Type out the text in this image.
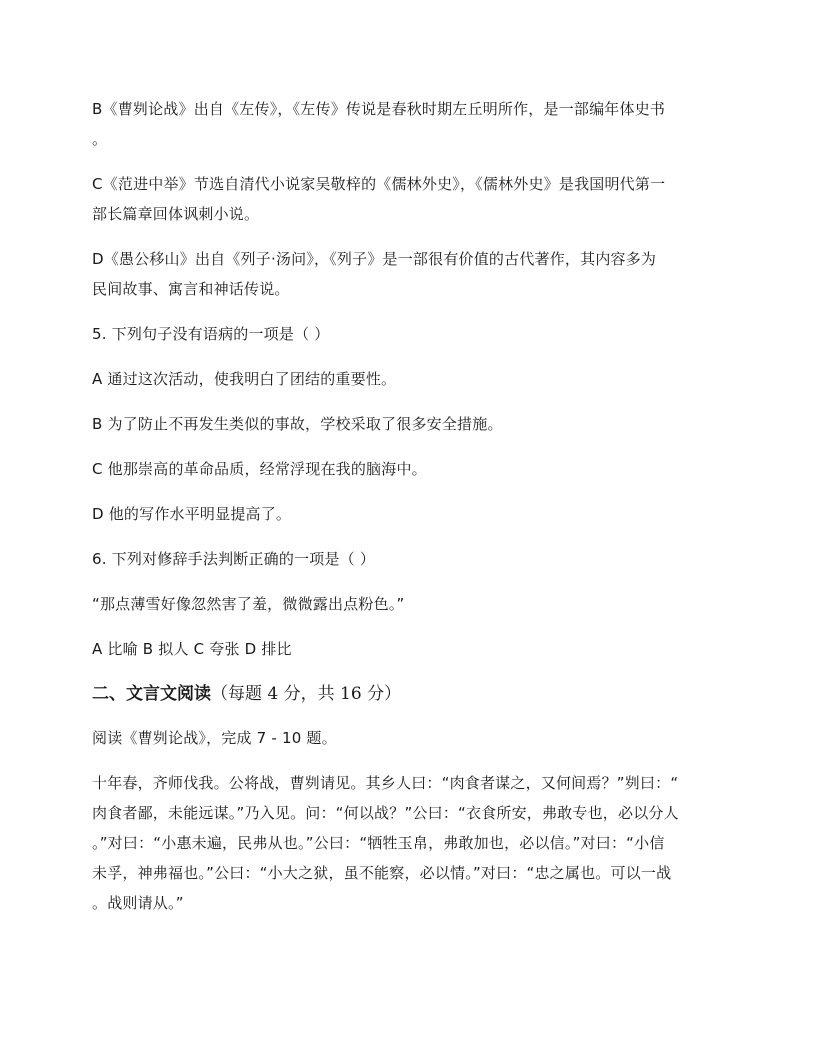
B《曹刿论战》出自《左传》，《左传》传说是春秋时期左丘明所作，是一部编年体史书
。
C《范进中举》节选自清代小说家吴敬梓的《儒林外史》，《儒林外史》是我国明代第一
部长篇章回体讽刺小说。
D《愚公移山》出自《列子·汤问》，《列子》是一部很有价值的古代著作，其内容多为
民间故事、寓言和神话传说。
5. 下列句子没有语病的一项是（ ）
A 通过这次活动，使我明白了团结的重要性。
B 为了防止不再发生类似的事故，学校采取了很多安全措施。
C 他那崇高的革命品质，经常浮现在我的脑海中。
D 他的写作水平明显提高了。
6. 下列对修辞手法判断正确的一项是（ ）
“那点薄雪好像忽然害了羞，微微露出点粉色。”
A 比喻 B 拟人 C 夸张 D 排比
二、文言文阅读（每题 4 分，共 16 分）
阅读《曹刿论战》，完成 7 - 10 题。
十年春，齐师伐我。公将战，曹刿请见。其乡人曰：“肉食者谋之，又何间焉？”刿曰：“
肉食者鄙，未能远谋。”乃入见。问：“何以战？”公曰：“衣食所安，弗敢专也，必以分人
。”对曰：“小惠未遍，民弗从也。”公曰：“牺牲玉帛，弗敢加也，必以信。”对曰：“小信
未孚，神弗福也。”公曰：“小大之狱，虽不能察，必以情。”对曰：“忠之属也。可以一战
。战则请从。”
